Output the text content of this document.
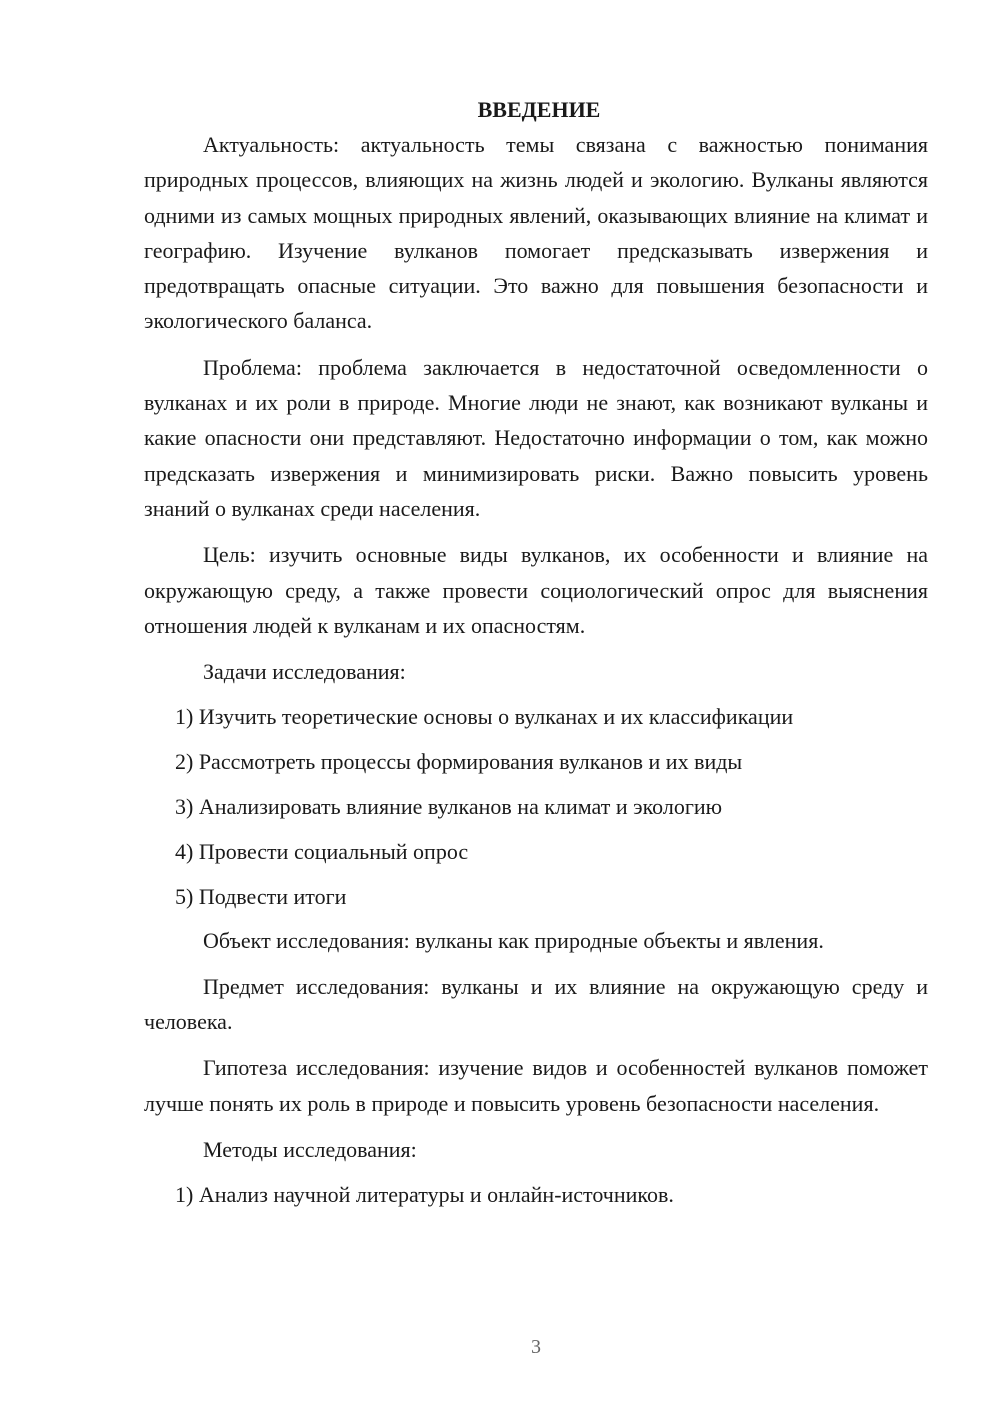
ВВЕДЕНИЕ

Актуальность: актуальность темы связана с важностью понимания природных процессов, влияющих на жизнь людей и экологию. Вулканы являются одними из самых мощных природных явлений, оказывающих влияние на климат и географию. Изучение вулканов помогает предсказывать извержения и предотвращать опасные ситуации. Это важно для повышения безопасности и экологического баланса.

Проблема: проблема заключается в недостаточной осведомленности о вулканах и их роли в природе. Многие люди не знают, как возникают вулканы и какие опасности они представляют. Недостаточно информации о том, как можно предсказать извержения и минимизировать риски. Важно повысить уровень знаний о вулканах среди населения.

Цель: изучить основные виды вулканов, их особенности и влияние на окружающую среду, а также провести социологический опрос для выяснения отношения людей к вулканам и их опасностям.

Задачи исследования:

1) Изучить теоретические основы о вулканах и их классификации

2) Рассмотреть процессы формирования вулканов и их виды

3) Анализировать влияние вулканов на климат и экологию

4) Провести социальный опрос

5) Подвести итоги

Объект исследования: вулканы как природные объекты и явления.

Предмет исследования: вулканы и их влияние на окружающую среду и человека.

Гипотеза исследования: изучение видов и особенностей вулканов поможет лучше понять их роль в природе и повысить уровень безопасности населения.

Методы исследования:

1) Анализ научной литературы и онлайн-источников.

3
